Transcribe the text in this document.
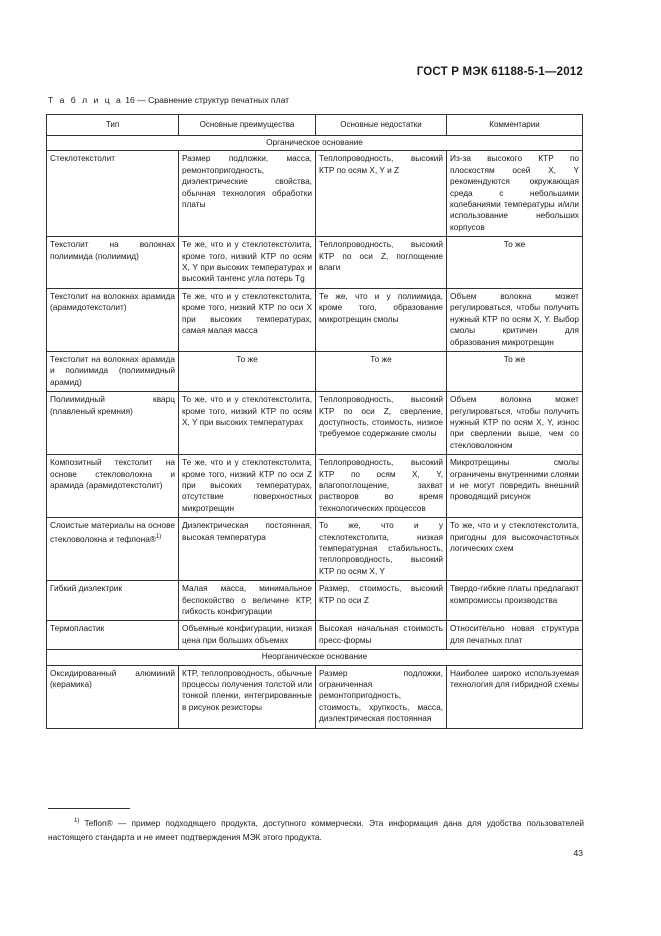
ГОСТ Р МЭК 61188-5-1—2012
Т а б л и ц а 16 — Сравнение структур печатных плат
Тип	Основные преимущества	Основные недостатки	Комментарии
Органическое основание			
Стеклотекстолит	Размер подложки, масса, ремонтопригодность, диэлектрические свойства, обычная технология обработки платы	Теплопроводность, высокий КТР по осям X, Y и Z	Из-за высокого КТР по плоскостям осей X, Y рекомендуются окружающая среда с небольшими колебаниями температуры и/или использование небольших корпусов
Текстолит на волокнах полиимида (полиимид)	Те же, что и у стеклотекстолита, кроме того, низкий КТР по осям X, Y при высоких температурах и высокий тангенс угла потерь Tg	Теплопроводность, высокий КТР по оси Z, поглощение влаги	То же
Текстолит на волокнах арамида (арамидотекстолит)	Те же, что и у стеклотекстолита, кроме того, низкий КТР по оси X при высоких температурах, самая малая масса	Те же, что и у полиимида, кроме того, образование микротрещин смолы	Объем волокна может регулироваться, чтобы получить нужный КТР по осям X, Y. Выбор смолы критичен для образования микротрещин
Текстолит на волокнах арамида и полиимида (полиимидный арамид)	То же	То же	То же
Полиимидный кварц (плавленый кремния)	То же, что и у стеклотекстолита, кроме того, низкий КТР по осям X, Y при высоких температурах	Теплопроводность, высокий КТР по оси Z, сверление, доступность, стоимость, низкое требуемое содержание смолы	Объем волокна может регулироваться, чтобы получить нужный КТР по осям X, Y, износ при сверлении выше, чем со стекловолокном
Композитный текстолит на основе стекловолокна и арамида (арамидотекстолит)	Те же, что и у стеклотекстолита, кроме того, низкий КТР по оси Z при высоких температурах, отсутствие поверхностных микротрещин	Теплопроводность, высокий КТР по осям X, Y, влагопоглощение, захват растворов во время технологических процессов	Микротрещины смолы ограничены внутренними слоями и не могут повредить внешний проводящий рисунок
Слоистые материалы на основе стекловолокна и тефлона®$^{1)}$	Диэлектрическая постоянная, высокая температура	То же, что и у стеклотекстолита, низкая температурная стабильность, теплопроводность, высокий КТР по осям X, Y	То же, что и у стеклотекстолита, пригодны для высокочастотных логических схем
Гибкий диэлектрик	Малая масса, минимальное беспокойство о величине КТР, гибкость конфигурации	Размер, стоимость, высокий КТР по оси Z	Твердо-гибкие платы предлагают компромиссы производства
Термопластик	Объемные конфигурации, низкая цена при больших объемах	Высокая начальная стоимость пресс-формы	Относительно новая структура для печатных плат
Неорганическое основание			
Оксидированный алюминий (керамика)	КТР, теплопроводность, обычные процессы получения толстой или тонкой пленки, интегрированные в рисунок резисторы	Размер подложки, ограниченная ремонтопригодность, стоимость, хрупкость, масса, диэлектрическая постоянная	Наиболее широко используемая технология для гибридной схемы
$^{1)}$ Teflon® — пример подходящего продукта, доступного коммерчески. Эта информация дана для удобства пользователей настоящего стандарта и не имеет подтверждения МЭК этого продукта.
43
